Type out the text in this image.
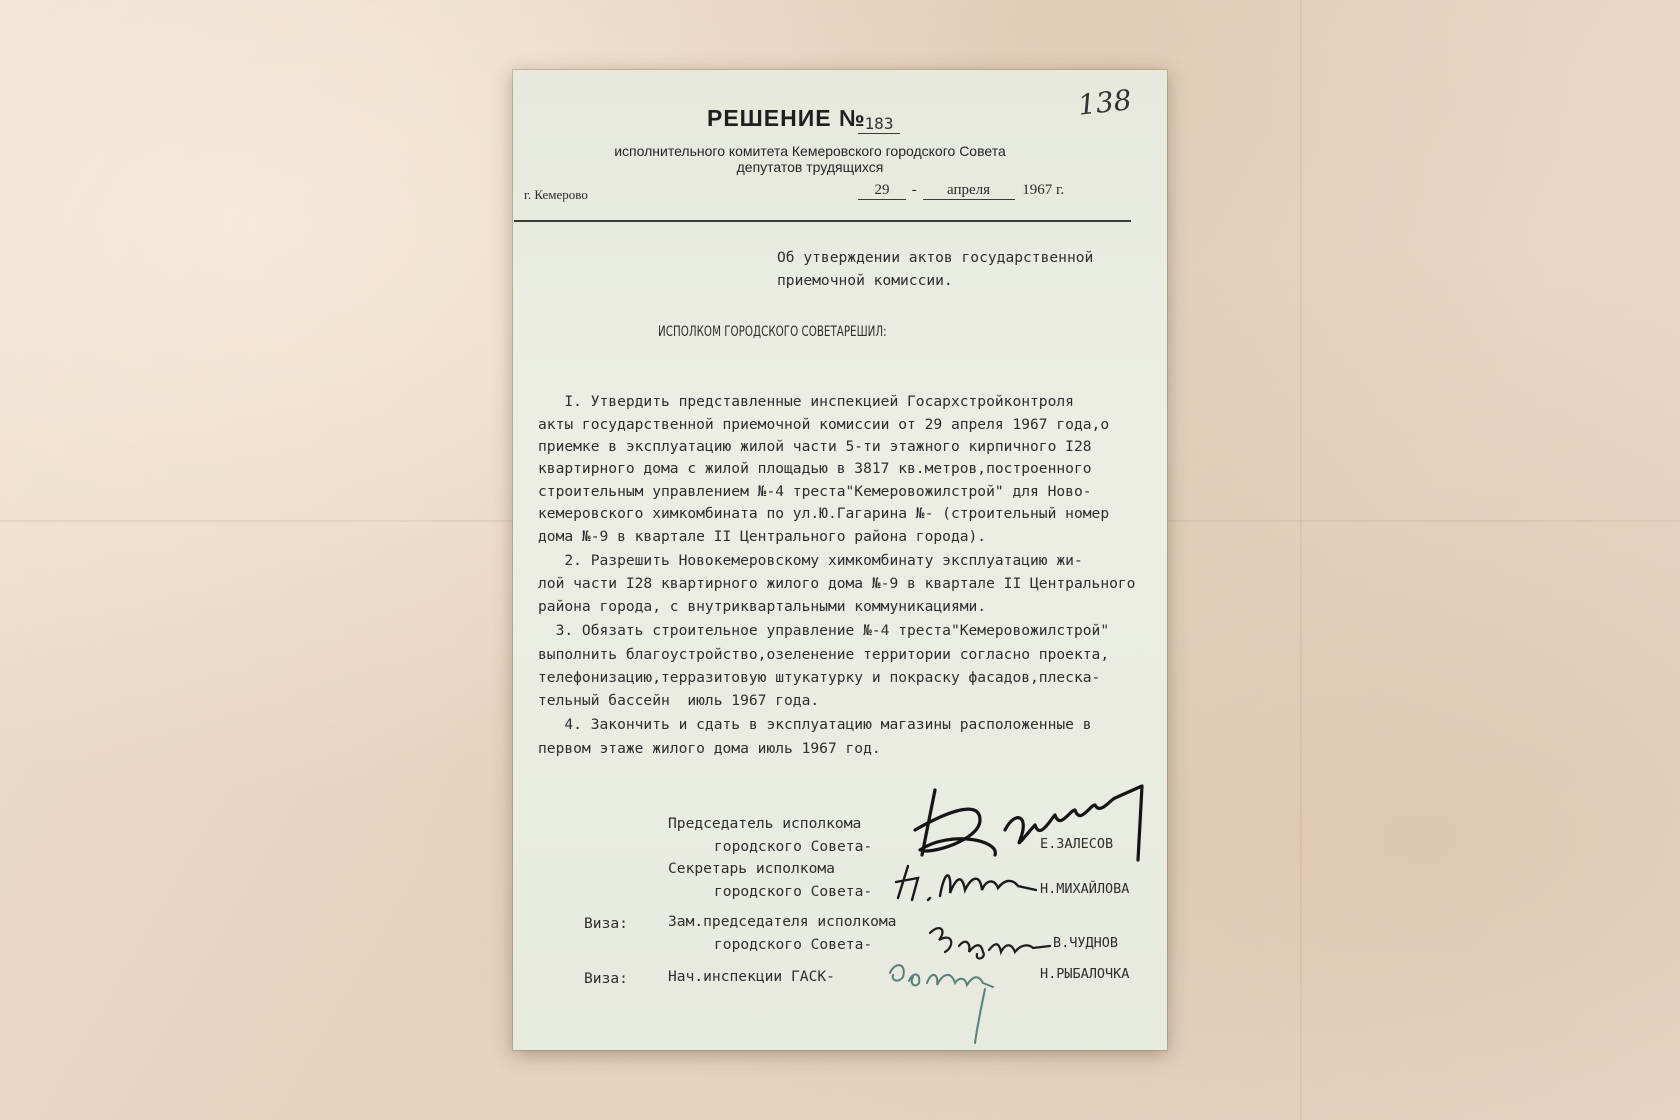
138
РЕШЕНИЕ №
183
исполнительного комитета Кемеровского городского Совета
депутатов трудящихся
г. Кемерово	29 - апреля 1967 г.
Об утверждении актов государственной
приемочной комиссии.
ИСПОЛКОМ ГОРОДСКОГО СОВЕТАРЕШИЛ:
I. Утвердить представленные инспекцией Госархстройконтроля
акты государственной приемочной комиссии от 29 апреля 1967 года,о
приемке в эксплуатацию жилой части 5-ти этажного кирпичного I28
квартирного дома с жилой площадью в 3817 кв.метров,построенного
строительным управлением №-4 треста"Кемеровожилстрой" для Ново-
кемеровского химкомбината по ул.Ю.Гагарина №- (строительный номер
дома №-9 в квартале II Центрального района города).
2. Разрешить Новокемеровскому химкомбинату эксплуатацию жи-
лой части I28 квартирного жилого дома №-9 в квартале II Центрального
района города, с внутриквартальными коммуникациями.
3. Обязать строительное управление №-4 треста"Кемеровожилстрой"
выполнить благоустройство,озеленение территории согласно проекта,
телефонизацию,терразитовую штукатурку и покраску фасадов,плеска-
тельный бассейн  июль 1967 года.
4. Закончить и сдать в эксплуатацию магазины расположенные в
первом этаже жилого дома июль 1967 год.
Председатель исполкома
городского Совета-	Е.ЗАЛЕСОВ
Секретарь исполкома
городского Совета-	Н.МИХАЙЛОВА
Виза:	Зам.председателя исполкома
городского Совета-	В.ЧУДНОВ
Виза:	Нач.инспекции ГАСК-	Н.РЫБАЛОЧКА
